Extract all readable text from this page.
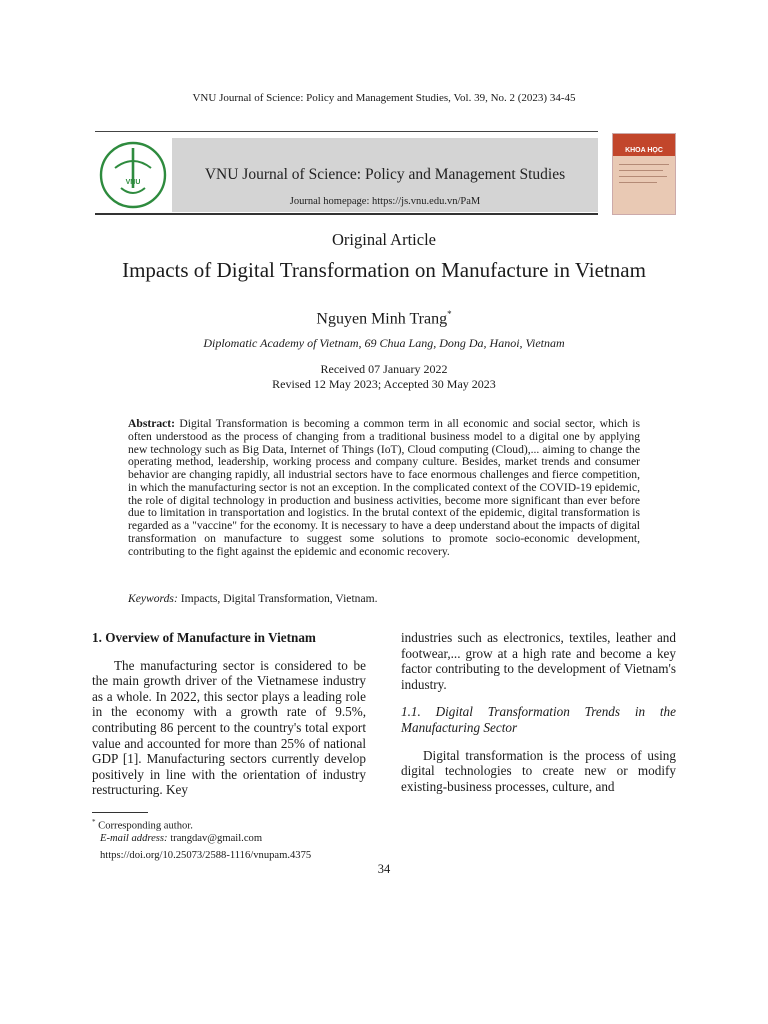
VNU Journal of Science: Policy and Management Studies, Vol. 39, No. 2 (2023) 34-45
VNU	VNU Journal of Science: Policy and Management Studies
Journal homepage: https://js.vnu.edu.vn/PaM
KHOA HỌC
Original Article
Impacts of Digital Transformation on Manufacture in Vietnam
Nguyen Minh Trang*
Diplomatic Academy of Vietnam, 69 Chua Lang, Dong Da, Hanoi, Vietnam
Received 07 January 2022
Revised 12 May 2023; Accepted 30 May 2023
Abstract: Digital Transformation is becoming a common term in all economic and social sector, which is often understood as the process of changing from a traditional business model to a digital one by applying new technology such as Big Data, Internet of Things (IoT), Cloud computing (Cloud),... aiming to change the operating method, leadership, working process and company culture. Besides, market trends and consumer behavior are changing rapidly, all industrial sectors have to face enormous challenges and fierce competition, in which the manufacturing sector is not an exception. In the complicated context of the COVID-19 epidemic, the role of digital technology in production and business activities, become more significant than ever before due to limitation in transportation and logistics. In the brutal context of the epidemic, digital transformation is regarded as a "vaccine" for the economy. It is necessary to have a deep understand about the impacts of digital transformation on manufacture to suggest some solutions to promote socio-economic development, contributing to the fight against the epidemic and economic recovery.
Keywords: Impacts, Digital Transformation, Vietnam.
1. Overview of Manufacture in Vietnam

The manufacturing sector is considered to be the main growth driver of the Vietnamese industry as a whole. In 2022, this sector plays a leading role in the economy with a growth rate of 9.5%, contributing 86 percent to the country's total export value and accounted for more than 25% of national GDP [1]. Manufacturing sectors currently develop positively in line with the orientation of industry restructuring. Key

industries such as electronics, textiles, leather and footwear,... grow at a high rate and become a key factor contributing to the development of Vietnam's industry.

1.1. Digital Transformation Trends in the Manufacturing Sector

Digital transformation is the process of using digital technologies to create new or modify existing-business processes, culture, and

* Corresponding author.
E-mail address: trangdav@gmail.com
https://doi.org/10.25073/2588-1116/vnupam.4375
34
